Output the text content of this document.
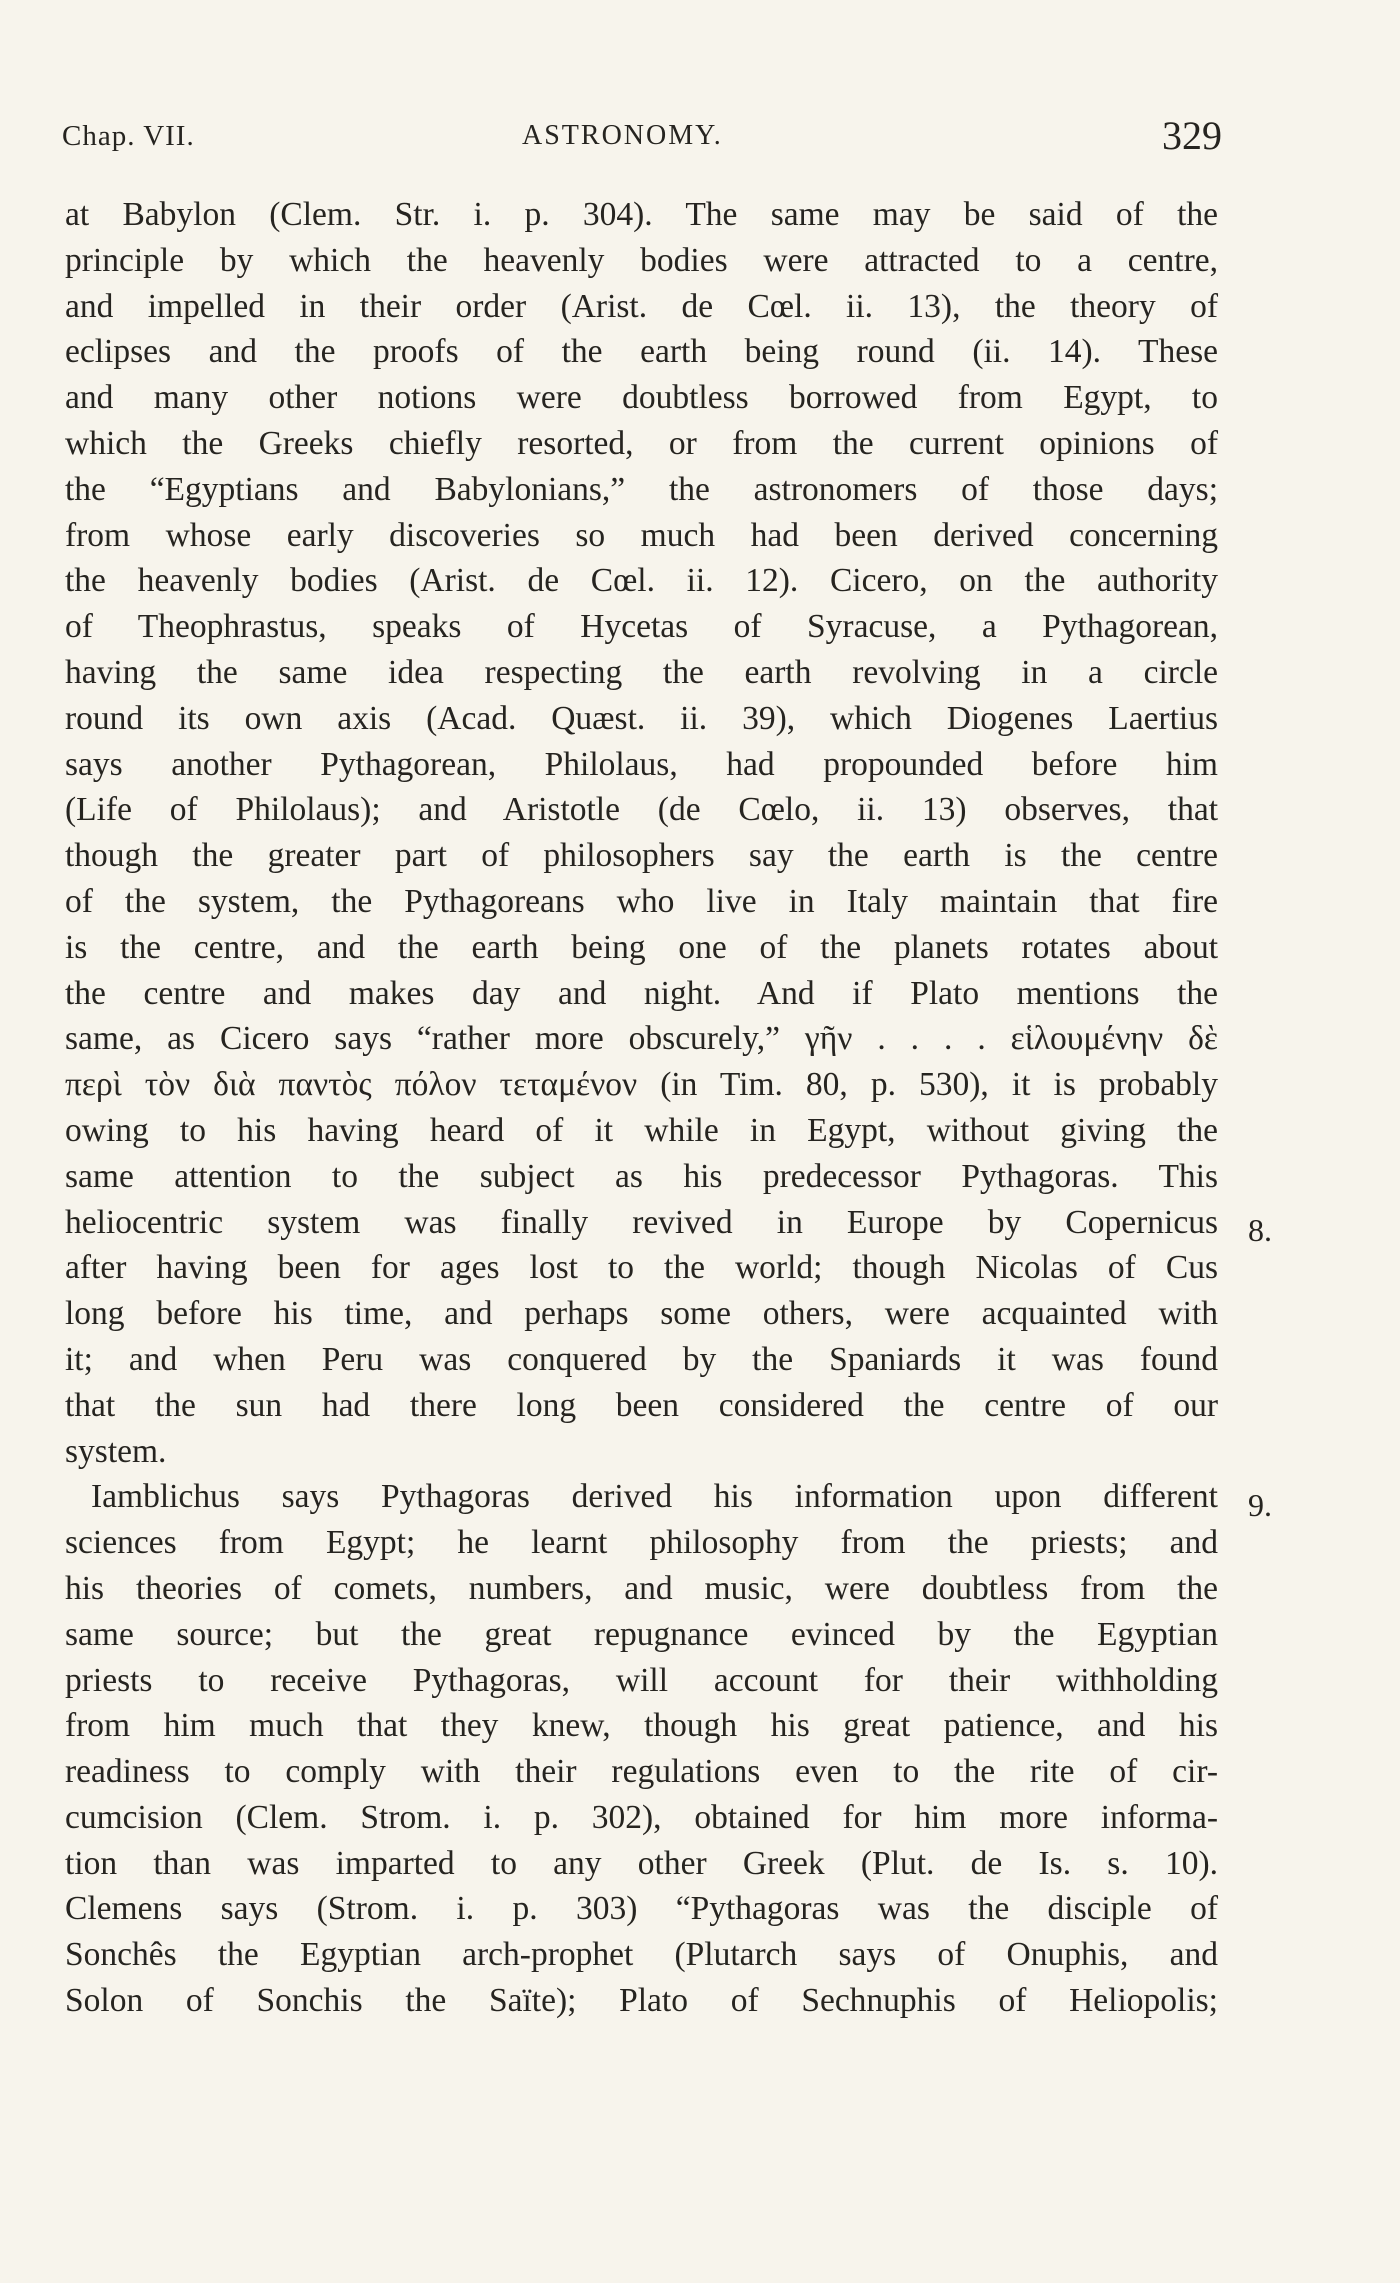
Chap. VII.	ASTRONOMY.	329
at Babylon (Clem. Str. i. p. 304). The same may be said of the
principle by which the heavenly bodies were attracted to a centre,
and impelled in their order (Arist. de Cœl. ii. 13), the theory of
eclipses and the proofs of the earth being round (ii. 14). These
and many other notions were doubtless borrowed from Egypt, to
which the Greeks chiefly resorted, or from the current opinions of
the “Egyptians and Babylonians,” the astronomers of those days;
from whose early discoveries so much had been derived concerning
the heavenly bodies (Arist. de Cœl. ii. 12). Cicero, on the authority
of Theophrastus, speaks of Hycetas of Syracuse, a Pythagorean,
having the same idea respecting the earth revolving in a circle
round its own axis (Acad. Quæst. ii. 39), which Diogenes Laertius
says another Pythagorean, Philolaus, had propounded before him
(Life of Philolaus); and Aristotle (de Cœlo, ii. 13) observes, that
though the greater part of philosophers say the earth is the centre
of the system, the Pythagoreans who live in Italy maintain that fire
is the centre, and the earth being one of the planets rotates about
the centre and makes day and night. And if Plato mentions the
same, as Cicero says “rather more obscurely,” γῆν . . . . εἱλουμένην δὲ
περὶ τὸν διὰ παντὸς πόλον τεταμένον (in Tim. 80, p. 530), it is probably
owing to his having heard of it while in Egypt, without giving the
same attention to the subject as his predecessor Pythagoras. This
heliocentric system was finally revived in Europe by Copernicus
after having been for ages lost to the world; though Nicolas of Cus
long before his time, and perhaps some others, were acquainted with
it; and when Peru was conquered by the Spaniards it was found
that the sun had there long been considered the centre of our
system.
Iamblichus says Pythagoras derived his information upon different
sciences from Egypt; he learnt philosophy from the priests; and
his theories of comets, numbers, and music, were doubtless from the
same source; but the great repugnance evinced by the Egyptian
priests to receive Pythagoras, will account for their withholding
from him much that they knew, though his great patience, and his
readiness to comply with their regulations even to the rite of cir-
cumcision (Clem. Strom. i. p. 302), obtained for him more informa-
tion than was imparted to any other Greek (Plut. de Is. s. 10).
Clemens says (Strom. i. p. 303) “Pythagoras was the disciple of
Sonchês the Egyptian arch-prophet (Plutarch says of Onuphis, and
Solon of Sonchis the Saïte); Plato of Sechnuphis of Heliopolis;
8.
9.
